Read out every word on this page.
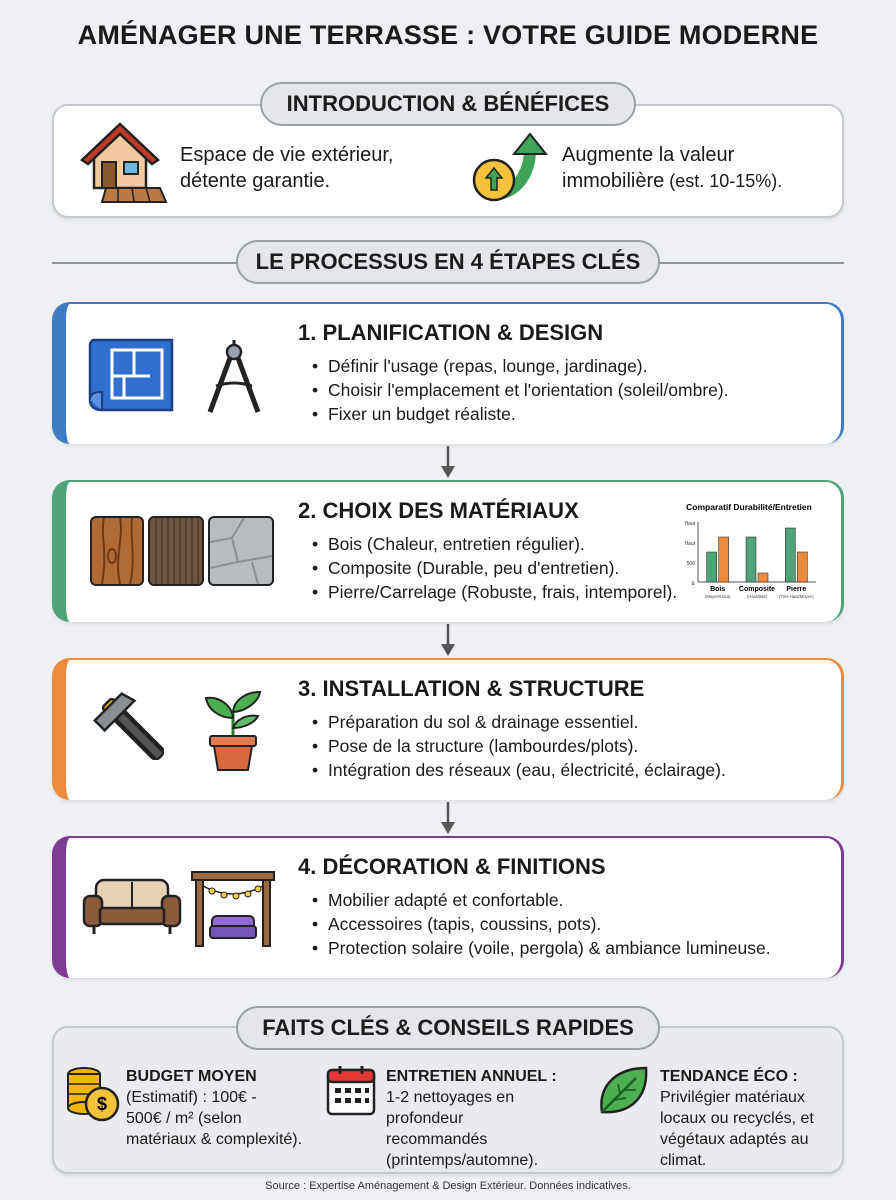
AMÉNAGER UNE TERRASSE : VOTRE GUIDE MODERNE
INTRODUCTION & BÉNÉFICES
Espace de vie extérieur,
détente garantie.
Augmente la valeur
immobilière (est. 10-15%).
LE PROCESSUS EN 4 ÉTAPES CLÉS
1. PLANIFICATION & DESIGN
• Définir l'usage (repas, lounge, jardinage).
• Choisir l'emplacement et l'orientation (soleil/ombre).
• Fixer un budget réaliste.
2. CHOIX DES MATÉRIAUX
• Bois (Chaleur, entretien régulier).
• Composite (Durable, peu d'entretien).
• Pierre/Carrelage (Robuste, frais, intemporel).
Comparatif Durabilité/Entretien
Haut
Haut
506
&
Bois
(Moyen/Haut)
Composite
(Haut/Bas)
Pierre
(Très Haut/Moyen)
3. INSTALLATION & STRUCTURE
• Préparation du sol & drainage essentiel.
• Pose de la structure (lambourdes/plots).
• Intégration des réseaux (eau, électricité, éclairage).
4. DÉCORATION & FINITIONS
• Mobilier adapté et confortable.
• Accessoires (tapis, coussins, pots).
• Protection solaire (voile, pergola) & ambiance lumineuse.
FAITS CLÉS & CONSEILS RAPIDES
$
BUDGET MOYEN
(Estimatif) : 100€ -
500€ / m² (selon
matériaux & complexité).
ENTRETIEN ANNUEL :
1-2 nettoyages en
profondeur
recommandés
(printemps/automne).
TENDANCE ÉCO :
Privilégier matériaux
locaux ou recyclés, et
végétaux adaptés au
climat.
Source : Expertise Aménagement & Design Extérieur. Données indicatives.
